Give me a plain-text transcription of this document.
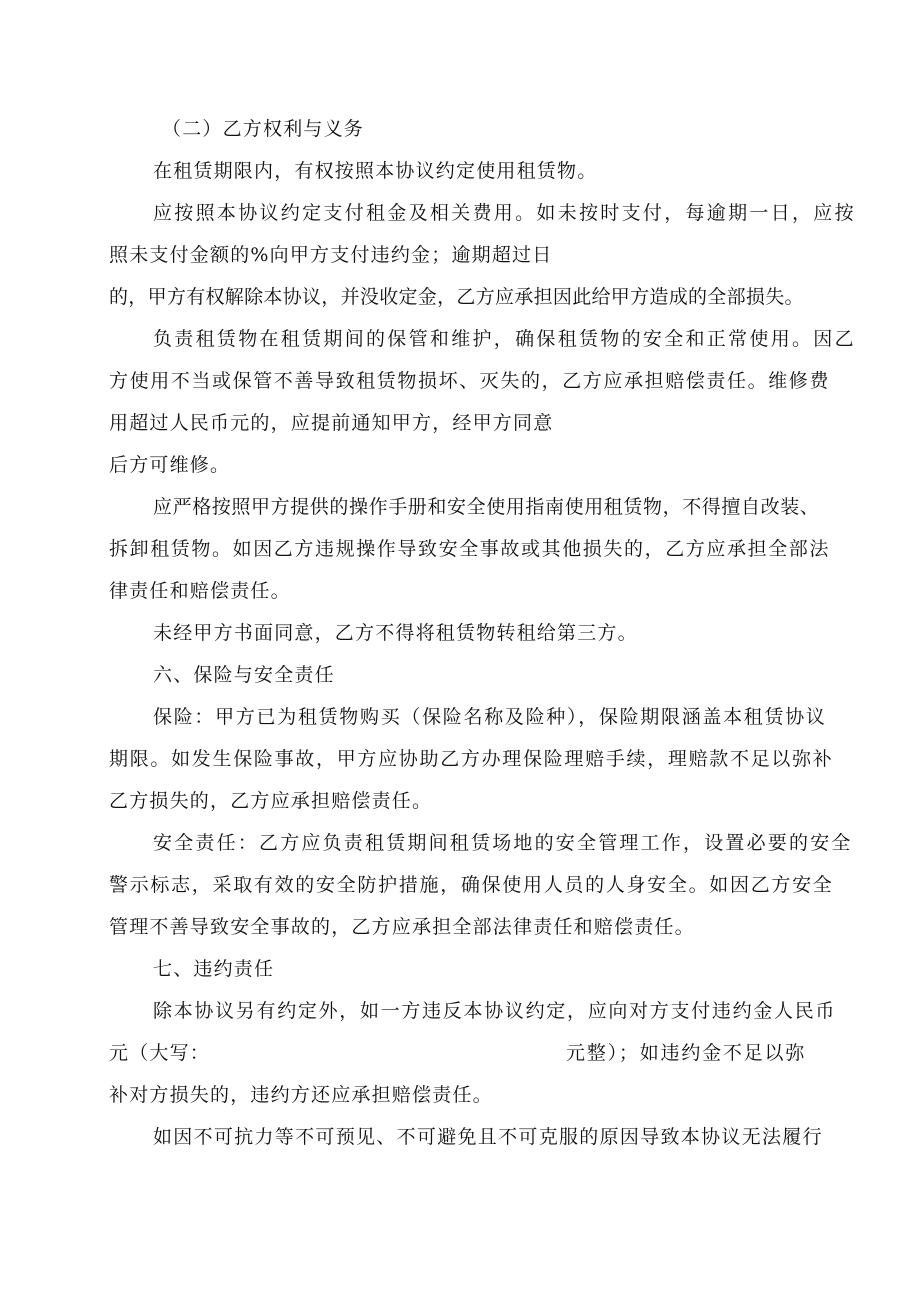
（二）乙方权利与义务

在租赁期限内，有权按照本协议约定使用租赁物。

应按照本协议约定支付租金及相关费用。如未按时支付，每逾期一日，应按

照未支付金额的%向甲方支付违约金；逾期超过日

的，甲方有权解除本协议，并没收定金，乙方应承担因此给甲方造成的全部损失。

负责租赁物在租赁期间的保管和维护，确保租赁物的安全和正常使用。因乙

方使用不当或保管不善导致租赁物损坏、灭失的，乙方应承担赔偿责任。维修费

用超过人民币元的，应提前通知甲方，经甲方同意

后方可维修。

应严格按照甲方提供的操作手册和安全使用指南使用租赁物，不得擅自改装、

拆卸租赁物。如因乙方违规操作导致安全事故或其他损失的，乙方应承担全部法

律责任和赔偿责任。

未经甲方书面同意，乙方不得将租赁物转租给第三方。

六、保险与安全责任

保险：甲方已为租赁物购买（保险名称及险种），保险期限涵盖本租赁协议

期限。如发生保险事故，甲方应协助乙方办理保险理赔手续，理赔款不足以弥补

乙方损失的，乙方应承担赔偿责任。

安全责任：乙方应负责租赁期间租赁场地的安全管理工作，设置必要的安全

警示标志，采取有效的安全防护措施，确保使用人员的人身安全。如因乙方安全

管理不善导致安全事故的，乙方应承担全部法律责任和赔偿责任。

七、违约责任

除本协议另有约定外，如一方违反本协议约定，应向对方支付违约金人民币

元（大写：	元整）；如违约金不足以弥

补对方损失的，违约方还应承担赔偿责任。

如因不可抗力等不可预见、不可避免且不可克服的原因导致本协议无法履行
